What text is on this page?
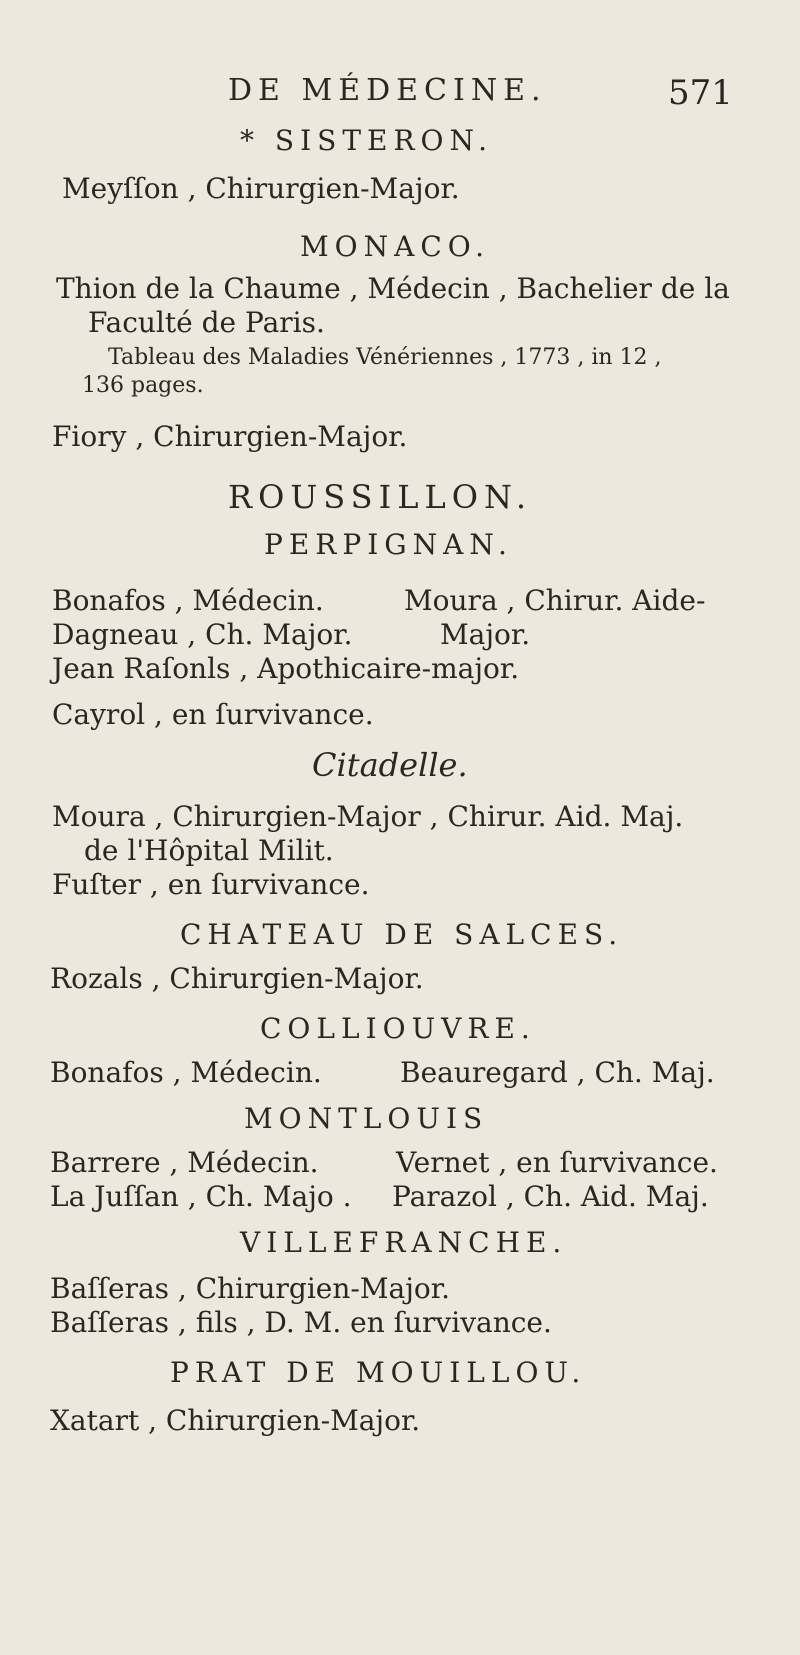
DE MÉDECINE.	571
* SISTERON.
Meyſſon , Chirurgien-Major.
MONACO.
Thion de la Chaume , Médecin , Bachelier de la
Faculté de Paris.
Tableau des Maladies Vénériennes , 1773 , in 12 ,
136 pages.
Fiory , Chirurgien-Major.
ROUSSILLON.
PERPIGNAN.
Bonafos , Médecin.	Moura , Chirur. Aide-
Dagneau , Ch. Major.	Major.
Jean Raſonls , Apothicaire-major.
Cayrol , en ſurvivance.
Citadelle.
Moura , Chirurgien-Major , Chirur. Aid. Maj.
de l'Hôpital Milit.
Fuſter , en ſurvivance.
CHATEAU DE SALCES.
Rozals , Chirurgien-Major.
COLLIOUVRE.
Bonafos , Médecin.	Beauregard , Ch. Maj.
MONTLOUIS
Barrere , Médecin.	Vernet , en ſurvivance.
La Juſſan , Ch. Majo . Parazol , Ch. Aid. Maj.
VILLEFRANCHE.
Baſſeras , Chirurgien-Major.
Baſſeras , fils , D. M. en ſurvivance.
PRAT DE MOUILLOU.
Xatart , Chirurgien-Major.
